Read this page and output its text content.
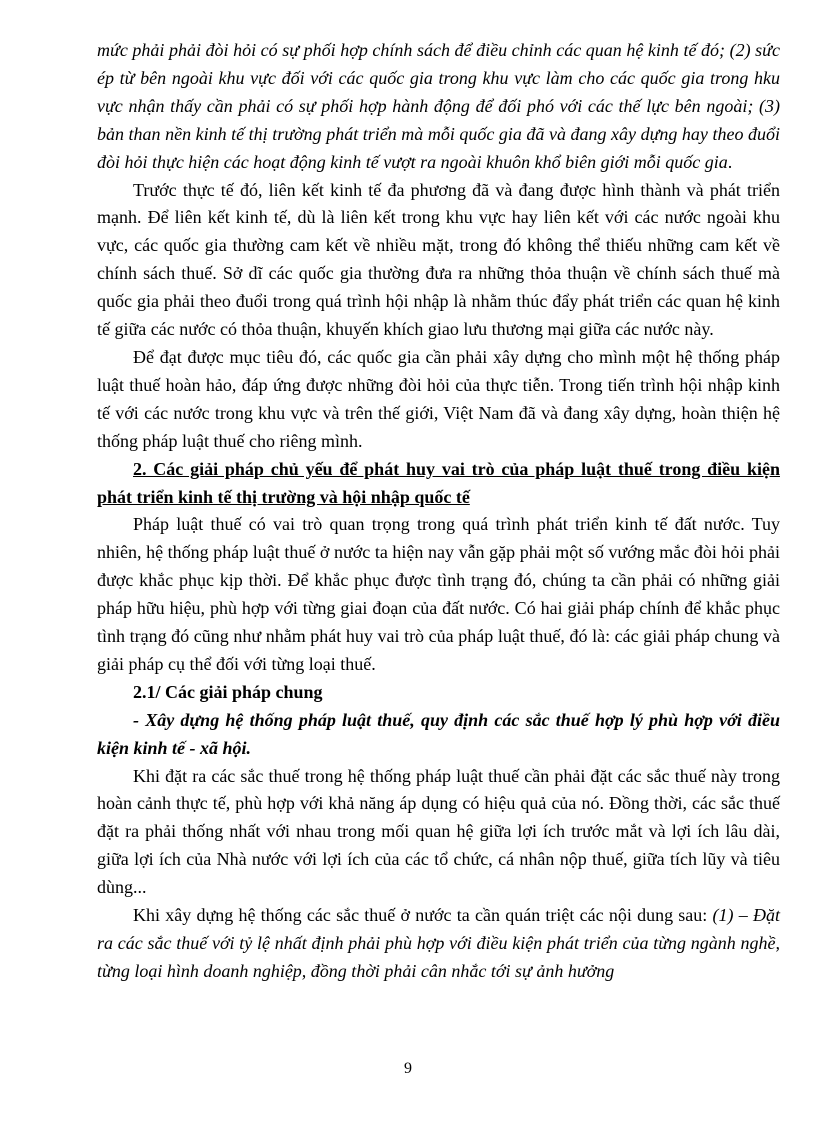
mức phải phải đòi hỏi có sự phối hợp chính sách để điều chỉnh các quan hệ kinh tế đó; (2) sức ép từ bên ngoài khu vực đối với các quốc gia trong khu vực làm cho các quốc gia trong hku vực nhận thấy cần phải có sự phối hợp hành động để đối phó với các thế lực bên ngoài; (3) bản than nền kinh tế thị trường phát triển mà mỗi quốc gia đã và đang xây dựng hay theo đuổi đòi hỏi thực hiện các hoạt động kinh tế vượt ra ngoài khuôn khổ biên giới mỗi quốc gia.

Trước thực tế đó, liên kết kinh tế đa phương đã và đang được hình thành và phát triển mạnh. Để liên kết kinh tế, dù là liên kết trong khu vực hay liên kết với các nước ngoài khu vực, các quốc gia thường cam kết về nhiều mặt, trong đó không thể thiếu những cam kết về chính sách thuế. Sở dĩ các quốc gia thường đưa ra những thỏa thuận về chính sách thuế mà quốc gia phải theo đuổi trong quá trình hội nhập là nhằm thúc đẩy phát triển các quan hệ kinh tế giữa các nước có thỏa thuận, khuyến khích giao lưu thương mại giữa các nước này.

Để đạt được mục tiêu đó, các quốc gia cần phải xây dựng cho mình một hệ thống pháp luật thuế hoàn hảo, đáp ứng được những đòi hỏi của thực tiễn. Trong tiến trình hội nhập kinh tế với các nước trong khu vực và trên thế giới, Việt Nam đã và đang xây dựng, hoàn thiện hệ thống pháp luật thuế cho riêng mình.

2. Các giải pháp chủ yếu để phát huy vai trò của pháp luật thuế trong điều kiện phát triển kinh tế thị trường và hội nhập quốc tế

Pháp luật thuế có vai trò quan trọng trong quá trình phát triển kinh tế đất nước. Tuy nhiên, hệ thống pháp luật thuế ở nước ta hiện nay vẫn gặp phải một số vướng mắc đòi hỏi phải được khắc phục kịp thời. Để khắc phục được tình trạng đó, chúng ta cần phải có những giải pháp hữu hiệu, phù hợp với từng giai đoạn của đất nước. Có hai giải pháp chính để khắc phục tình trạng đó cũng như nhằm phát huy vai trò của pháp luật thuế, đó là: các giải pháp chung và giải pháp cụ thể đối với từng loại thuế.

2.1/ Các giải pháp chung

- Xây dựng hệ thống pháp luật thuế, quy định các sắc thuế hợp lý phù hợp với điều kiện kinh tế - xã hội.

Khi đặt ra các sắc thuế trong hệ thống pháp luật thuế cần phải đặt các sắc thuế này trong hoàn cảnh thực tế, phù hợp với khả năng áp dụng có hiệu quả của nó. Đồng thời, các sắc thuế đặt ra phải thống nhất với nhau trong mối quan hệ giữa lợi ích trước mắt và lợi ích lâu dài, giữa lợi ích của Nhà nước với lợi ích của các tổ chức, cá nhân nộp thuế, giữa tích lũy và tiêu dùng...

Khi xây dựng hệ thống các sắc thuế ở nước ta cần quán triệt các nội dung sau: (1) – Đặt ra các sắc thuế với tỷ lệ nhất định phải phù hợp với điều kiện phát triển của từng ngành nghề, từng loại hình doanh nghiệp, đồng thời phải cân nhắc tới sự ảnh hưởng

9
